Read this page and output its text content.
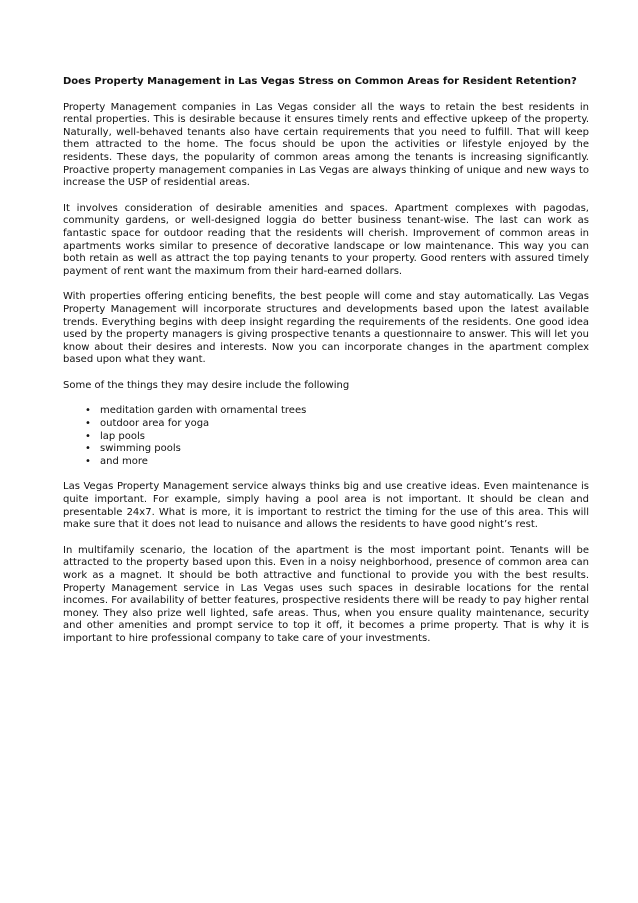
Does Property Management in Las Vegas Stress on Common Areas for Resident Retention?

Property Management companies in Las Vegas consider all the ways to retain the best residents in rental properties. This is desirable because it ensures timely rents and effective upkeep of the property. Naturally, well-behaved tenants also have certain requirements that you need to fulfill. That will keep them attracted to the home. The focus should be upon the activities or lifestyle enjoyed by the residents. These days, the popularity of common areas among the tenants is increasing significantly. Proactive property management companies in Las Vegas are always thinking of unique and new ways to increase the USP of residential areas.

It involves consideration of desirable amenities and spaces. Apartment complexes with pagodas, community gardens, or well-designed loggia do better business tenant-wise. The last can work as fantastic space for outdoor reading that the residents will cherish. Improvement of common areas in apartments works similar to presence of decorative landscape or low maintenance. This way you can both retain as well as attract the top paying tenants to your property. Good renters with assured timely payment of rent want the maximum from their hard-earned dollars.

With properties offering enticing benefits, the best people will come and stay automatically. Las Vegas Property Management will incorporate structures and developments based upon the latest available trends. Everything begins with deep insight regarding the requirements of the residents. One good idea used by the property managers is giving prospective tenants a questionnaire to answer. This will let you know about their desires and interests. Now you can incorporate changes in the apartment complex based upon what they want.

Some of the things they may desire include the following

• meditation garden with ornamental trees
• outdoor area for yoga
• lap pools
• swimming pools
• and more

Las Vegas Property Management service always thinks big and use creative ideas. Even maintenance is quite important. For example, simply having a pool area is not important. It should be clean and presentable 24x7. What is more, it is important to restrict the timing for the use of this area. This will make sure that it does not lead to nuisance and allows the residents to have good night’s rest.

In multifamily scenario, the location of the apartment is the most important point. Tenants will be attracted to the property based upon this. Even in a noisy neighborhood, presence of common area can work as a magnet. It should be both attractive and functional to provide you with the best results. Property Management service in Las Vegas uses such spaces in desirable locations for the rental incomes. For availability of better features, prospective residents there will be ready to pay higher rental money. They also prize well lighted, safe areas. Thus, when you ensure quality maintenance, security and other amenities and prompt service to top it off, it becomes a prime property. That is why it is important to hire professional company to take care of your investments.
